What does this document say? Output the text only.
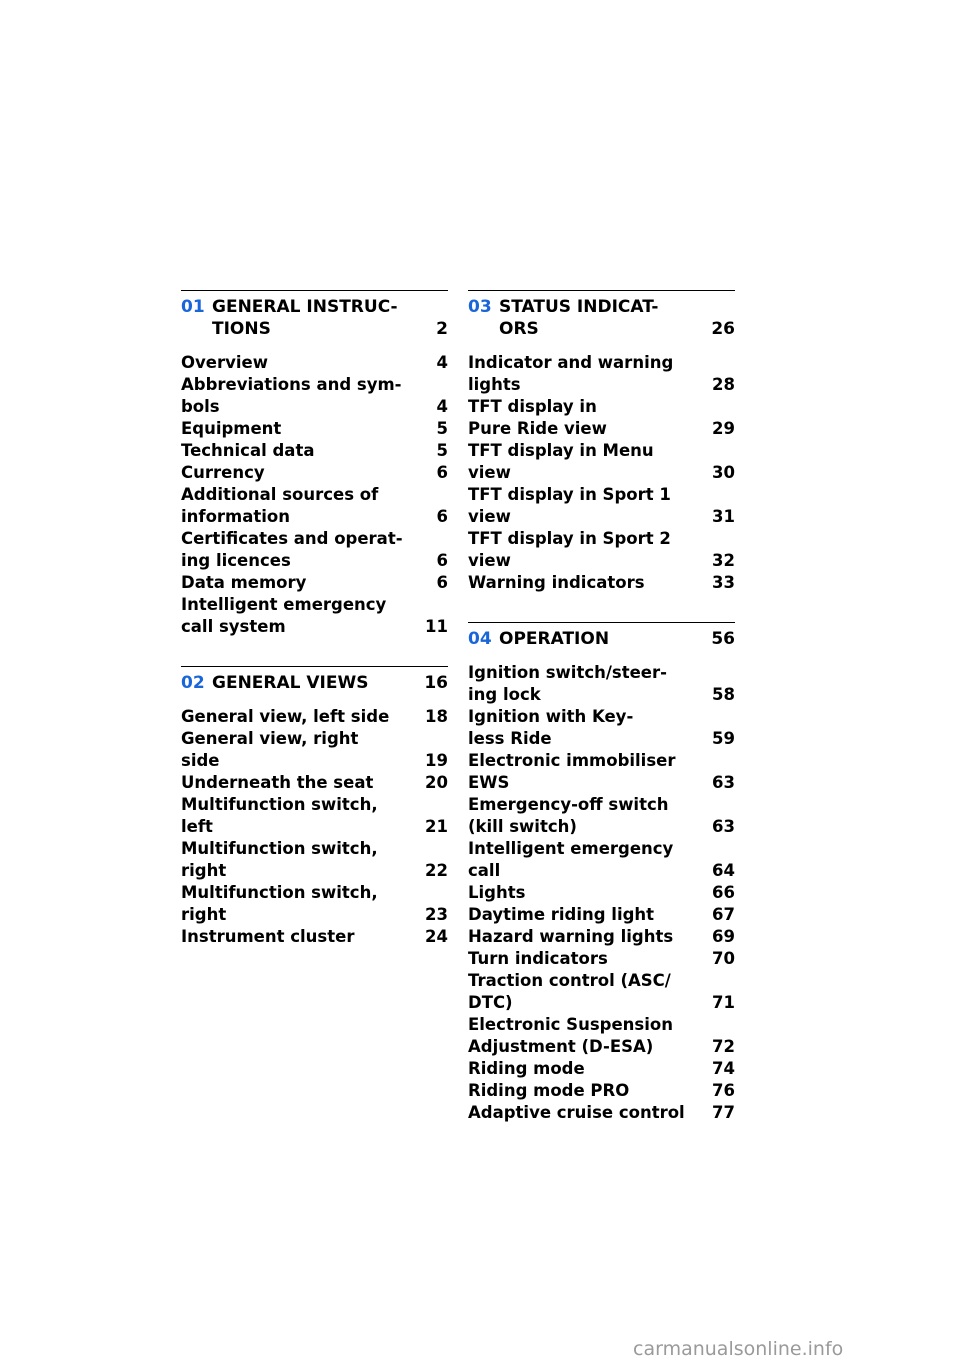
01 GENERAL INSTRUC-
TIONS	2
Overview	4
Abbreviations and sym-
bols	4
Equipment	5
Technical data	5
Currency	6
Additional sources of
information	6
Certificates and operat-
ing licences	6
Data memory	6
Intelligent emergency
call system	11
02 GENERAL VIEWS	16
General view, left side	18
General view, right
side	19
Underneath the seat	20
Multifunction switch,
left	21
Multifunction switch,
right	22
Multifunction switch,
right	23
Instrument cluster	24
03 STATUS INDICAT-
ORS	26
Indicator and warning
lights	28
TFT display in
Pure Ride view	29
TFT display in Menu
view	30
TFT display in Sport 1
view	31
TFT display in Sport 2
view	32
Warning indicators	33
04 OPERATION	56
Ignition switch/steer-
ing lock	58
Ignition with Key-
less Ride	59
Electronic immobiliser
EWS	63
Emergency-off switch
(kill switch)	63
Intelligent emergency
call	64
Lights	66
Daytime riding light	67
Hazard warning lights	69
Turn indicators	70
Traction control (ASC/
DTC)	71
Electronic Suspension
Adjustment (D-ESA)	72
Riding mode	74
Riding mode PRO	76
Adaptive cruise control	77
carmanualsonline.info
